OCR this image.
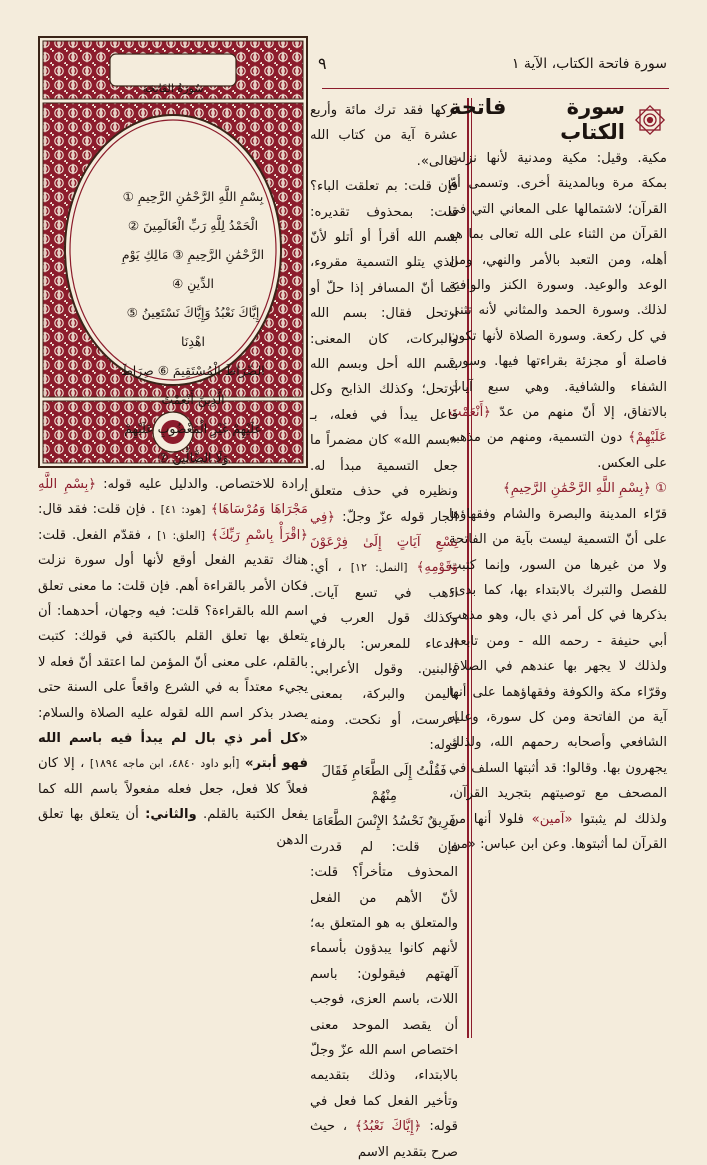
سورة فاتحة الكتاب، الآية ١
٩
سُورَةُ الفَاتِحَةِ
بِسْمِ اللَّهِ الرَّحْمَٰنِ الرَّحِيمِ ①
الْحَمْدُ لِلَّهِ رَبِّ الْعَالَمِينَ ②
الرَّحْمَٰنِ الرَّحِيمِ ③ مَالِكِ يَوْمِ الدِّينِ ④
إِيَّاكَ نَعْبُدُ وَإِيَّاكَ نَسْتَعِينُ ⑤ اهْدِنَا
الصِّرَاطَ الْمُسْتَقِيمَ ⑥ صِرَاطَ الَّذِينَ أَنْعَمْتَ
عَلَيْهِمْ غَيْرِ الْمَغْضُوبِ عَلَيْهِمْ
وَلَا الضَّالِّينَ ⑦
سورة فاتحة الكتاب

مكية. وقيل: مكية ومدنية لأنها نزلت بمكة مرة وبالمدينة أخرى. وتسمى أمّ القرآن؛ لاشتمالها على المعاني التي في القرآن من الثناء على الله تعالى بما هو أهله، ومن التعبد بالأمر والنهي، ومن الوعد والوعيد. وسورة الكنز والوافية لذلك. وسورة الحمد والمثاني لأنه تثنى في كل ركعة. وسورة الصلاة لأنها تكون فاصلة أو مجزئة بقراءتها فيها. وسورة الشفاء والشافية. وهي سبع آيات بالاتفاق، إلا أنّ منهم من عدّ ﴿أَنْعَمْتَ عَلَيْهِمْ﴾ دون التسمية، ومنهم من مذهبه على العكس.

① ﴿بِسْمِ اللَّهِ الرَّحْمَٰنِ الرَّحِيمِ﴾

قرّاء المدينة والبصرة والشام وفقهاؤها على أنّ التسمية ليست بآية من الفاتحة ولا من غيرها من السور، وإنما كتبت للفصل والتبرك بالابتداء بها، كما بدىء بذكرها في كل أمر ذي بال، وهو مذهب أبي حنيفة - رحمه الله - ومن تابعه، ولذلك لا يجهر بها عندهم في الصلاة. وقرّاء مكة والكوفة وفقهاؤهما على أنها آية من الفاتحة ومن كل سورة، وعليه الشافعي وأصحابه رحمهم الله، ولذلك يجهرون بها. وقالوا: قد أثبتها السلف في المصحف مع توصيتهم بتجريد القرآن، ولذلك لم يثبتوا «آمين» فلولا أنها من القرآن لما أثبتوها. وعن ابن عباس: «من

تركها فقد ترك مائة وأربع عشرة آية من كتاب الله تعالى».

فإن قلت: بم تعلقت الباء؟ قلت: بمحذوف تقديره: بسم الله أقرأ أو أتلو لأنّ الذي يتلو التسمية مقروء، كما أنّ المسافر إذا حلّ أو ارتحل فقال: بسم الله والبركات، كان المعنى: بسم الله أحل وبسم الله أرتحل؛ وكذلك الذابح وكل فاعل يبدأ في فعله، بـ «بسم الله» كان مضمراً ما جعل التسمية مبدأ له. ونظيره في حذف متعلق الجار قوله عزّ وجلّ: ﴿فِي تِسْعِ آيَاتٍ إِلَىٰ فِرْعَوْنَ وَقَوْمِهِ﴾ [النمل: ١٢] ، أي: اذهب في تسع آيات. وكذلك قول العرب في الدعاء للمعرس: بالرفاء والبنين. وقول الأعرابي: باليمن والبركة، بمعنى أعرست، أو نكحت. ومنه قوله:

فَقُلْتُ إِلَى الطَّعَامِ فَقَالَ مِنْهُمْ

فَرِيقٌ نَحْسُدُ الإِنْسَ الطَّعَامَا

فإن قلت: لم قدرت المحذوف متأخراً؟ قلت: لأنّ الأهم من الفعل والمتعلق به هو المتعلق به؛ لأنهم كانوا يبدؤون بأسماء آلهتهم فيقولون: باسم اللات، باسم العزى، فوجب أن يقصد الموحد معنى اختصاص اسم الله عزّ وجلّ بالابتداء، وذلك بتقديمه وتأخير الفعل كما فعل في قوله: ﴿إِيَّاكَ نَعْبُدُ﴾ ، حيث صرح بتقديم الاسم

إرادة للاختصاص. والدليل عليه قوله: ﴿بِسْمِ اللَّهِ مَجْرَاهَا وَمُرْسَاهَا﴾ [هود: ٤١] . فإن قلت: فقد قال: ﴿اقْرَأْ بِاسْمِ رَبِّكَ﴾ [العلق: ١] ، فقدّم الفعل. قلت: هناك تقديم الفعل أوقع لأنها أول سورة نزلت فكان الأمر بالقراءة أهم. فإن قلت: ما معنى تعلق اسم الله بالقراءة؟ قلت: فيه وجهان، أحدهما: أن يتعلق بها تعلق القلم بالكتبة في قولك: كتبت بالقلم، على معنى أنّ المؤمن لما اعتقد أنّ فعله لا يجيء معتداً به في الشرع واقعاً على السنة حتى يصدر بذكر اسم الله لقوله عليه الصلاة والسلام: «كل أمر ذي بال لم يبدأ فيه باسم الله فهو أبتر» [أبو داود ٤٨٤٠، ابن ماجه ١٨٩٤] ، إلا كان فعلاً كلا فعل، جعل فعله مفعولاً باسم الله كما يفعل الكتبة بالقلم. والثاني: أن يتعلق بها تعلق الدهن
